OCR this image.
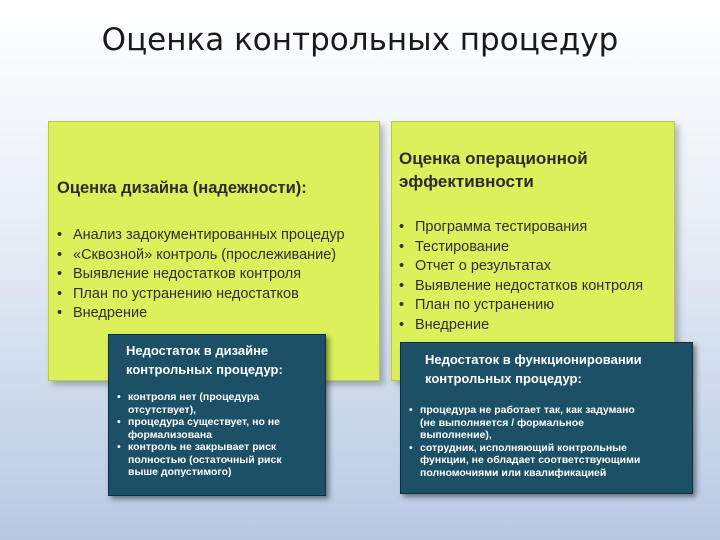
Оценка контрольных процедур
Оценка дизайна (надежности):
• Анализ задокументированных процедур
• «Сквозной» контроль (прослеживание)
• Выявление недостатков контроля
• План по устранению недостатков
• Внедрение
Оценка операционной
эффективности
• Программа тестирования
• Тестирование
• Отчет о результатах
• Выявление недостатков контроля
• План по устранению
• Внедрение
Недостаток в дизайне
контрольных процедур:
• контроля нет (процедура
отсутствует),
• процедура существует, но не
формализована
• контроль не закрывает риск
полностью (остаточный риск
выше допустимого)
Недостаток в функционировании
контрольных процедур:
• процедура не работает так, как задумано
(не выполняется / формальное
выполнение),
• сотрудник, исполняющий контрольные
функции, не обладает соответствующими
полномочиями или квалификацией
